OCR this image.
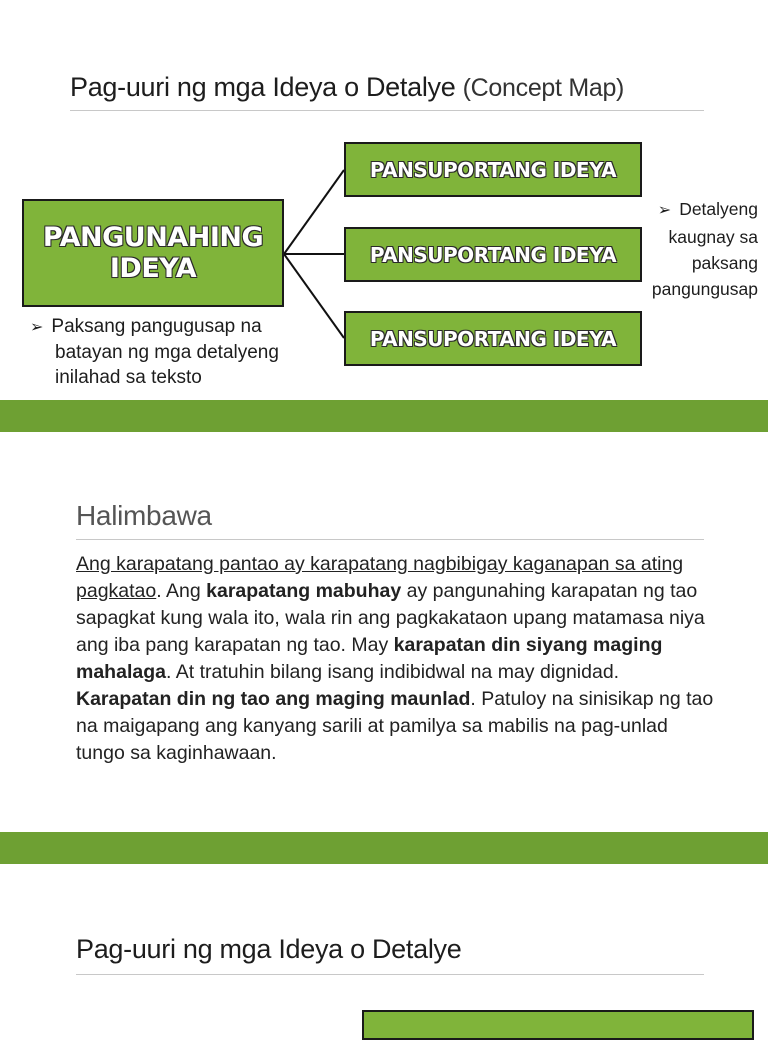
Pag-uuri ng mga Ideya o Detalye (Concept Map)
PANGUNAHING
IDEYA
PANSUPORTANG IDEYA
PANSUPORTANG IDEYA
PANSUPORTANG IDEYA
➢ Paksang pangugusap na
batayan ng mga detalyeng
inilahad sa teksto
➢ Detalyeng
kaugnay sa
paksang
pangungusap
Halimbawa

Ang karapatang pantao ay karapatang nagbibigay kaganapan sa ating pagkatao. Ang karapatang mabuhay ay pangunahing karapatan ng tao sapagkat kung wala ito, wala rin ang pagkakataon upang matamasa niya ang iba pang karapatan ng tao. May karapatan din siyang maging mahalaga. At tratuhin bilang isang indibidwal na may dignidad. Karapatan din ng tao ang maging maunlad. Patuloy na sinisikap ng tao na maigapang ang kanyang sarili at pamilya sa mabilis na pag-unlad tungo sa kaginhawaan.

Pag-uuri ng mga Ideya o Detalye
